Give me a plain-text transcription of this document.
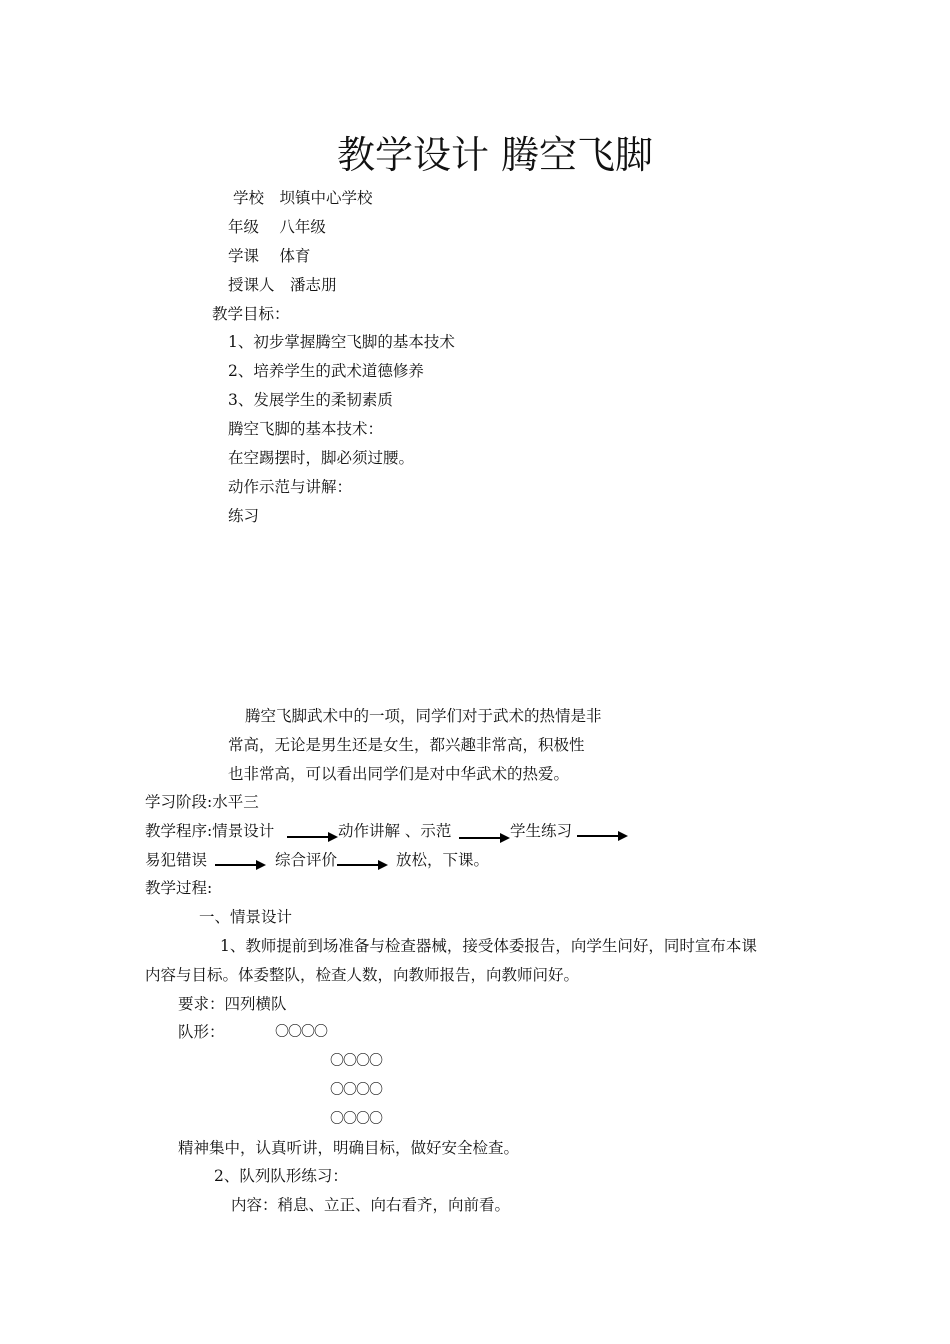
教学设计 腾空飞脚
学校　坝镇中心学校
年级　 八年级
学课　 体育
授课人　潘志朋
教学目标：
1、初步掌握腾空飞脚的基本技术
2、培养学生的武术道德修养
3、发展学生的柔韧素质
腾空飞脚的基本技术：
在空踢摆时，脚必须过腰。
动作示范与讲解：
练习
腾空飞脚武术中的一项，同学们对于武术的热情是非
常高，无论是男生还是女生，都兴趣非常高，积极性
也非常高，可以看出同学们是对中华武术的热爱。
学习阶段:水平三
教学程序:情景设计	动作讲解 、示范	学生练习
易犯错误	综合评价	放松，下课。
教学过程:
一、情景设计
1、教师提前到场准备与检查器械，接受体委报告，向学生问好，同时宣布本课
内容与目标。体委整队，检查人数，向教师报告，向教师问好。
要求：四列横队
队形：	〇〇〇〇
〇〇〇〇
〇〇〇〇
〇〇〇〇
精神集中，认真听讲，明确目标，做好安全检查。
2、队列队形练习：
内容：稍息、立正、向右看齐，向前看。
